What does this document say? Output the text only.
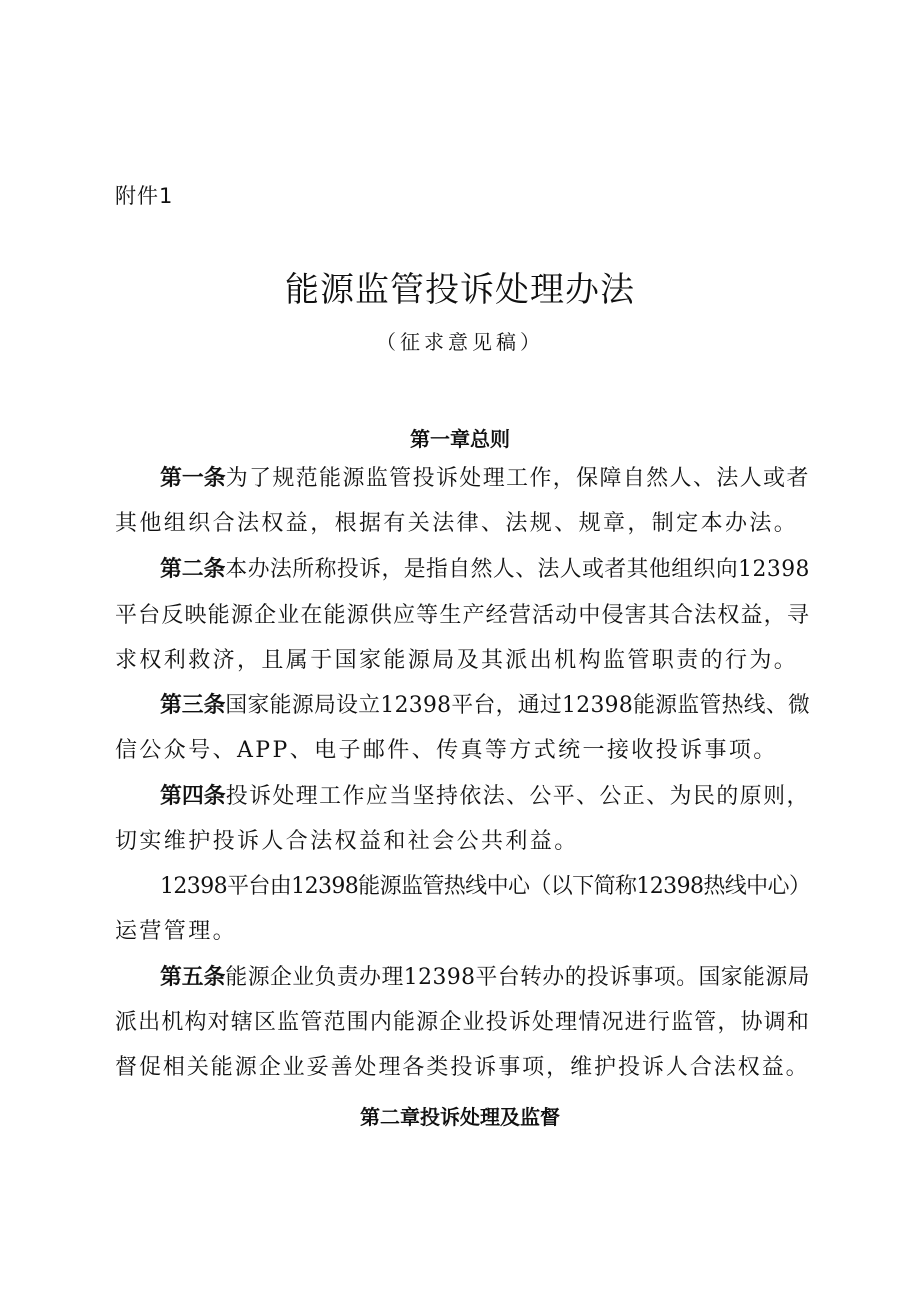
附件1
能源监管投诉处理办法
（征求意见稿）
第一章总则
第一条为了规范能源监管投诉处理工作，保障自然人、法人或者
其他组织合法权益，根据有关法律、法规、规章，制定本办法。
第二条本办法所称投诉，是指自然人、法人或者其他组织向12398
平台反映能源企业在能源供应等生产经营活动中侵害其合法权益，寻
求权利救济，且属于国家能源局及其派出机构监管职责的行为。
第三条国家能源局设立12398平台，通过12398能源监管热线、微
信公众号、APP、电子邮件、传真等方式统一接收投诉事项。
第四条投诉处理工作应当坚持依法、公平、公正、为民的原则，
切实维护投诉人合法权益和社会公共利益。
12398平台由12398能源监管热线中心（以下简称12398热线中心）
运营管理。
第五条能源企业负责办理12398平台转办的投诉事项。国家能源局
派出机构对辖区监管范围内能源企业投诉处理情况进行监管，协调和
督促相关能源企业妥善处理各类投诉事项，维护投诉人合法权益。
第二章投诉处理及监督
